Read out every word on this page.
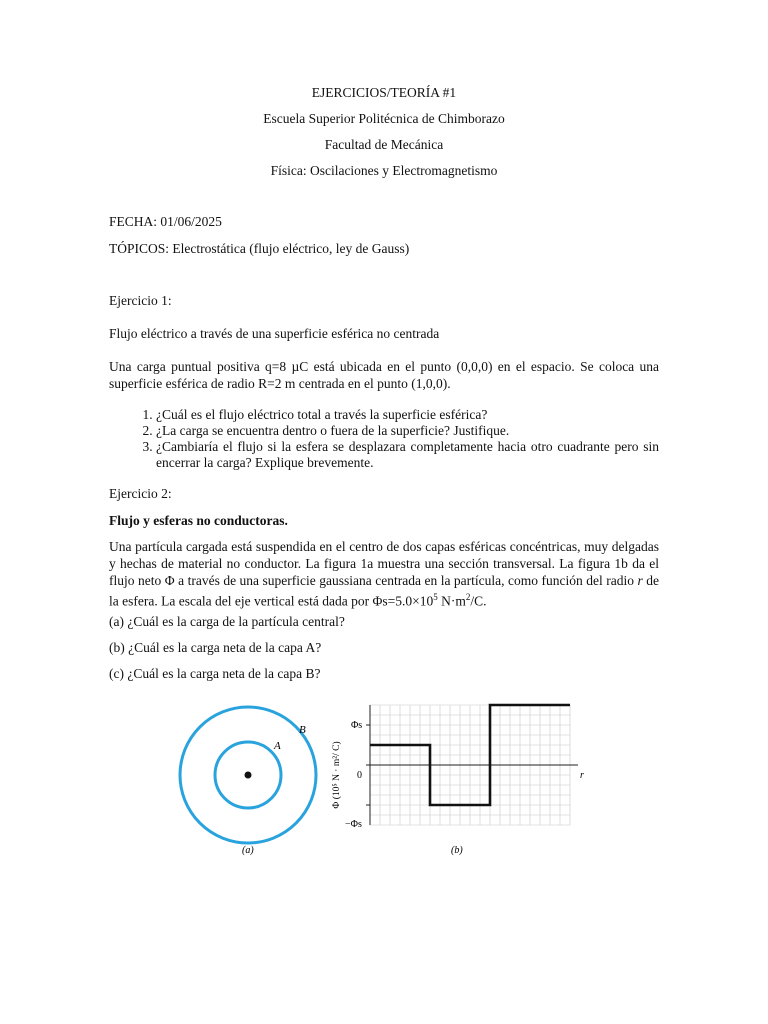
EJERCICIOS/TEORÍA #1
Escuela Superior Politécnica de Chimborazo
Facultad de Mecánica
Física: Oscilaciones y Electromagnetismo
FECHA: 01/06/2025
TÓPICOS: Electrostática (flujo eléctrico, ley de Gauss)
Ejercicio 1:
Flujo eléctrico a través de una superficie esférica no centrada
Una carga puntual positiva q=8 µC está ubicada en el punto (0,0,0) en el espacio. Se coloca una superficie esférica de radio R=2 m centrada en el punto (1,0,0).
1. ¿Cuál es el flujo eléctrico total a través la superficie esférica?
2. ¿La carga se encuentra dentro o fuera de la superficie? Justifique.
3. ¿Cambiaría el flujo si la esfera se desplazara completamente hacia otro cuadrante pero sin encerrar la carga? Explique brevemente.
Ejercicio 2:
Flujo y esferas no conductoras.
Una partícula cargada está suspendida en el centro de dos capas esféricas concéntricas, muy delgadas y hechas de material no conductor. La figura 1a muestra una sección transversal. La figura 1b da el flujo neto Φ a través de una superficie gaussiana centrada en la partícula, como función del radio r de la esfera. La escala del eje vertical está dada por $\Phi s=5.0\times 10^5$ $N\cdot m^2/C$.
(a) ¿Cuál es la carga de la partícula central?
(b) ¿Cuál es la carga neta de la capa A?
(c) ¿Cuál es la carga neta de la capa B?
B
A
(a)
Φs
0
−Φs
r
Φ (10⁵ N · m²/ C)
(b)
